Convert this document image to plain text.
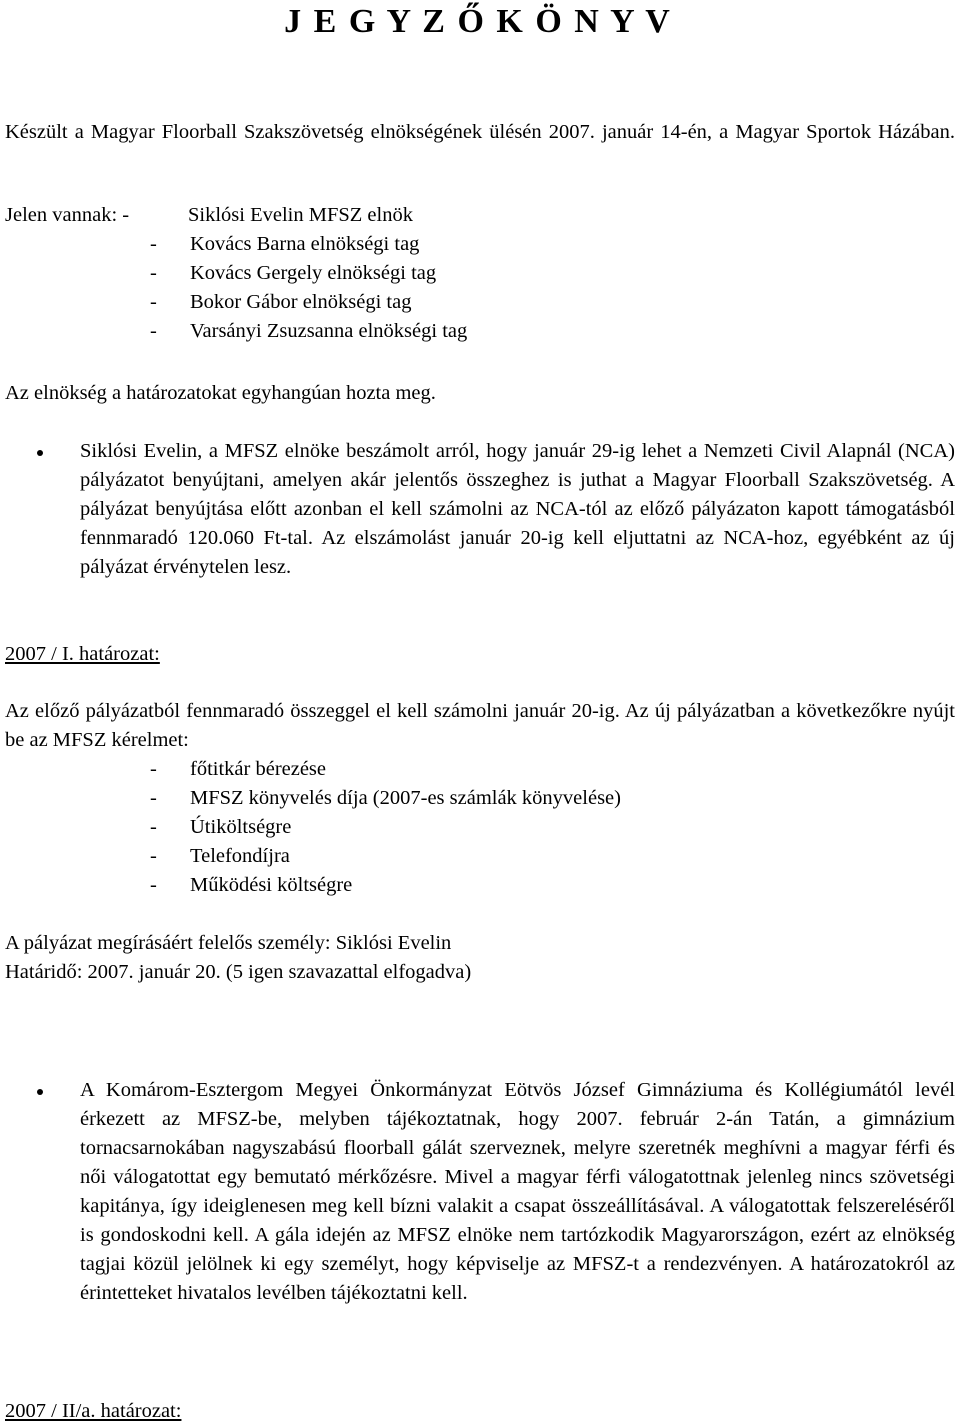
J E G Y Z Ő K Ö N Y V
Készült a Magyar Floorball Szakszövetség elnökségének ülésén 2007. január 14-én, a Magyar Sportok Házában.
Jelen vannak: -	Siklósi Evelin MFSZ elnök
-	Kovács Barna elnökségi tag
-	Kovács Gergely elnökségi tag
-	Bokor Gábor elnökségi tag
-	Varsányi Zsuzsanna elnökségi tag
Az elnökség a határozatokat egyhangúan hozta meg.
Siklósi Evelin, a MFSZ elnöke beszámolt arról, hogy január 29-ig lehet a Nemzeti Civil Alapnál (NCA) pályázatot benyújtani, amelyen akár jelentős összeghez is juthat a Magyar Floorball Szakszövetség. A pályázat benyújtása előtt azonban el kell számolni az NCA-tól az előző pályázaton kapott támogatásból fennmaradó 120.060 Ft-tal. Az elszámolást január 20-ig kell eljuttatni az NCA-hoz, egyébként az új pályázat érvénytelen lesz.
2007 / I. határozat:
Az előző pályázatból fennmaradó összeggel el kell számolni január 20-ig. Az új pályázatban a következőkre nyújt be az MFSZ kérelmet:
-	főtitkár bérezése
-	MFSZ könyvelés díja (2007-es számlák könyvelése)
-	Útiköltségre
-	Telefondíjra
-	Működési költségre
A pályázat megírásáért felelős személy: Siklósi Evelin
Határidő: 2007. január 20. (5 igen szavazattal elfogadva)
A Komárom-Esztergom Megyei Önkormányzat Eötvös József Gimnáziuma és Kollégiumától levél érkezett az MFSZ-be, melyben tájékoztatnak, hogy 2007. február 2-án Tatán, a gimnázium tornacsarnokában nagyszabású floorball gálát szerveznek, melyre szeretnék meghívni a magyar férfi és női válogatottat egy bemutató mérkőzésre. Mivel a magyar férfi válogatottnak jelenleg nincs szövetségi kapitánya, így ideiglenesen meg kell bízni valakit a csapat összeállításával. A válogatottak felszereléséről is gondoskodni kell. A gála idején az MFSZ elnöke nem tartózkodik Magyarországon, ezért az elnökség tagjai közül jelölnek ki egy személyt, hogy képviselje az MFSZ-t a rendezvényen. A határozatokról az érintetteket hivatalos levélben tájékoztatni kell.
2007 / II/a. határozat:
